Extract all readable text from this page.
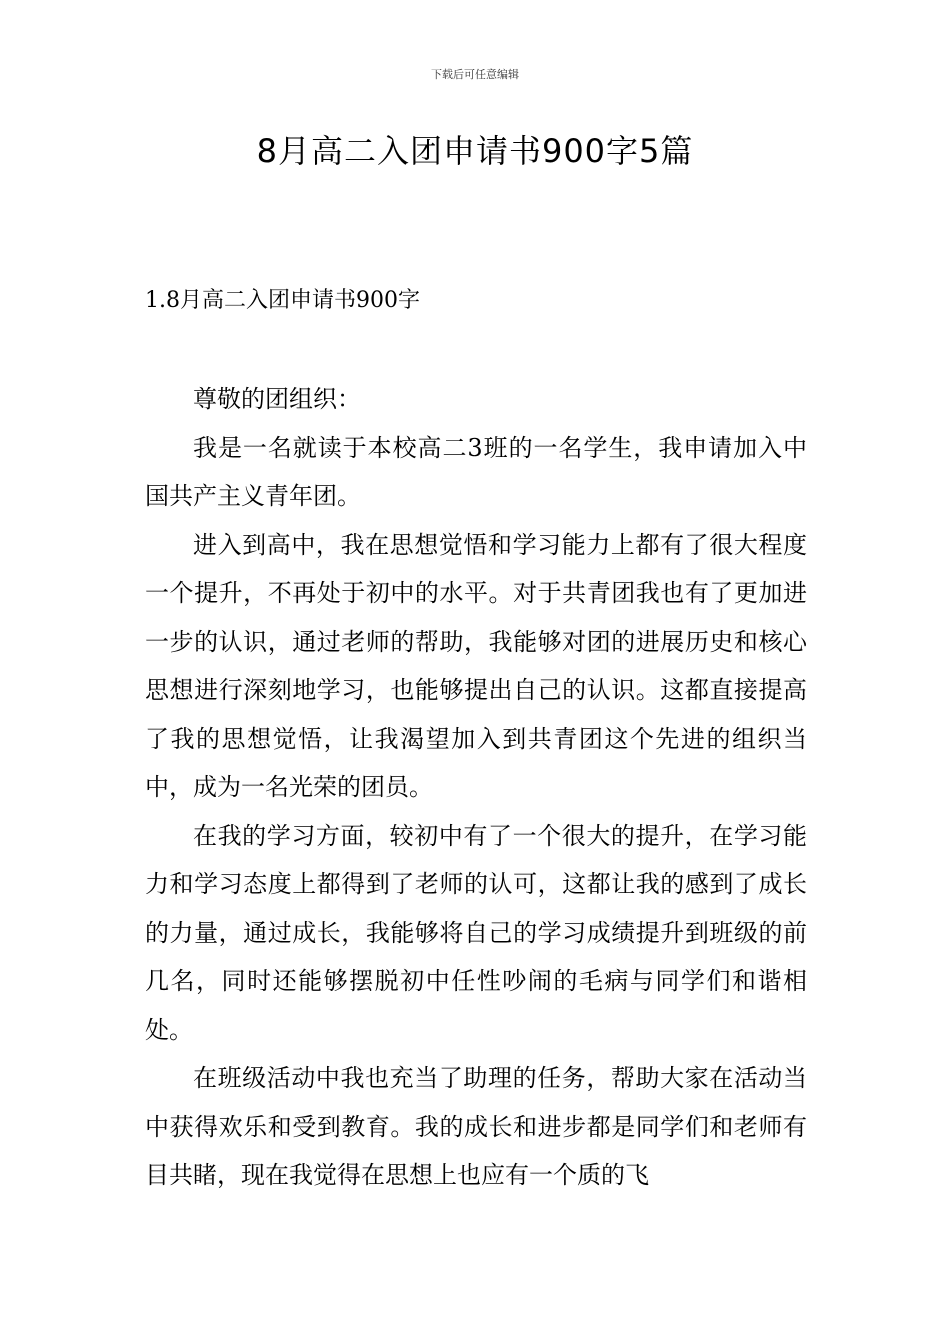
下载后可任意编辑
8月高二入团申请书900字5篇
1.8月高二入团申请书900字

尊敬的团组织：

我是一名就读于本校高二3班的一名学生，我申请加入中国共产主义青年团。

进入到高中，我在思想觉悟和学习能力上都有了很大程度一个提升，不再处于初中的水平。对于共青团我也有了更加进一步的认识，通过老师的帮助，我能够对团的进展历史和核心思想进行深刻地学习，也能够提出自己的认识。这都直接提高了我的思想觉悟，让我渴望加入到共青团这个先进的组织当中，成为一名光荣的团员。

在我的学习方面，较初中有了一个很大的提升，在学习能力和学习态度上都得到了老师的认可，这都让我的感到了成长的力量，通过成长，我能够将自己的学习成绩提升到班级的前几名，同时还能够摆脱初中任性吵闹的毛病与同学们和谐相处。

在班级活动中我也充当了助理的任务，帮助大家在活动当中获得欢乐和受到教育。我的成长和进步都是同学们和老师有目共睹，现在我觉得在思想上也应有一个质的飞
